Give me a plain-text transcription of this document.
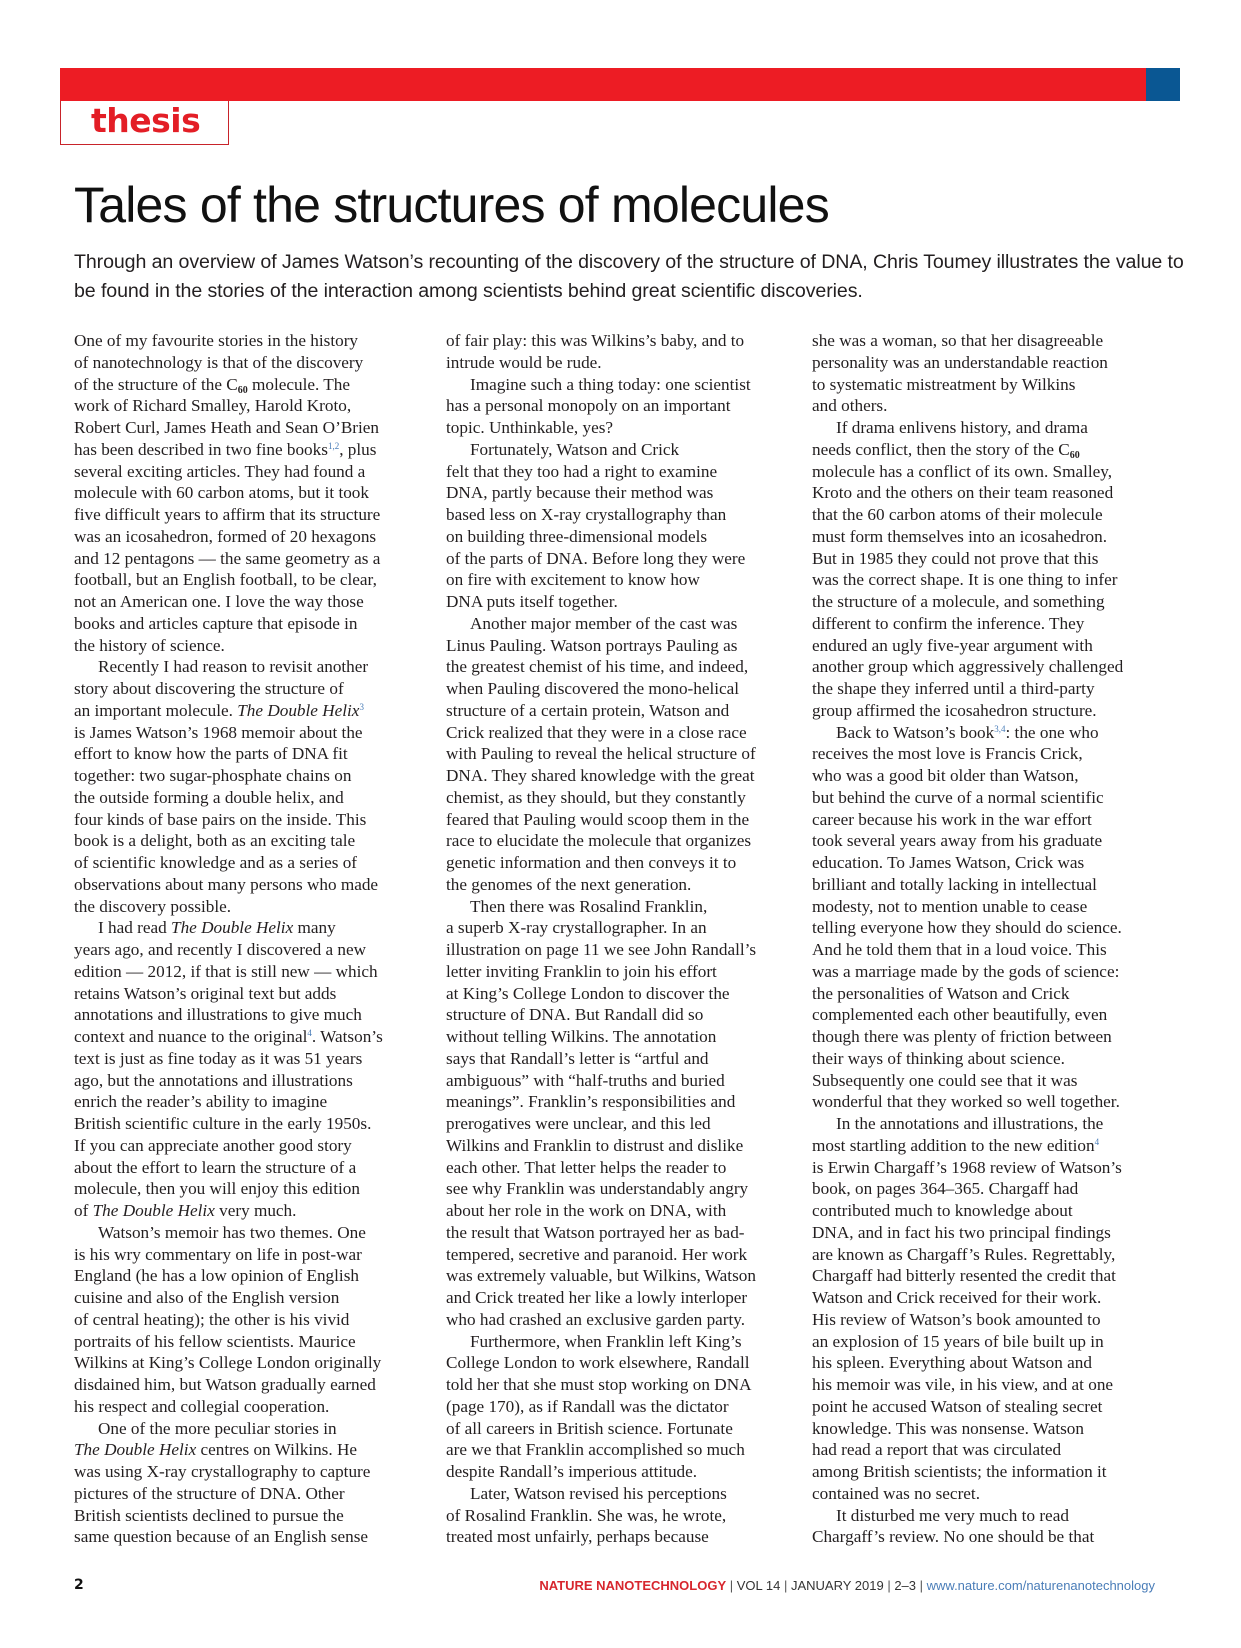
thesis
Tales of the structures of molecules

Through an overview of James Watson’s recounting of the discovery of the structure of DNA, Chris Toumey illustrates the value to be found in the stories of the interaction among scientists behind great scientific discoveries.

One of my favourite stories in the history
of nanotechnology is that of the discovery
of the structure of the $C_{60}$ molecule. The
work of Richard Smalley, Harold Kroto,
Robert Curl, James Heath and Sean O’Brien
has been described in two fine books$^{1,2}$, plus
several exciting articles. They had found a
molecule with 60 carbon atoms, but it took
five difficult years to affirm that its structure
was an icosahedron, formed of 20 hexagons
and 12 pentagons — the same geometry as a
football, but an English football, to be clear,
not an American one. I love the way those
books and articles capture that episode in
the history of science.
Recently I had reason to revisit another
story about discovering the structure of
an important molecule. The Double Helix$^3$
is James Watson’s 1968 memoir about the
effort to know how the parts of DNA fit
together: two sugar-phosphate chains on
the outside forming a double helix, and
four kinds of base pairs on the inside. This
book is a delight, both as an exciting tale
of scientific knowledge and as a series of
observations about many persons who made
the discovery possible.
I had read The Double Helix many
years ago, and recently I discovered a new
edition — 2012, if that is still new — which
retains Watson’s original text but adds
annotations and illustrations to give much
context and nuance to the original$^4$. Watson’s
text is just as fine today as it was 51 years
ago, but the annotations and illustrations
enrich the reader’s ability to imagine
British scientific culture in the early 1950s.
If you can appreciate another good story
about the effort to learn the structure of a
molecule, then you will enjoy this edition
of The Double Helix very much.
Watson’s memoir has two themes. One
is his wry commentary on life in post-war
England (he has a low opinion of English
cuisine and also of the English version
of central heating); the other is his vivid
portraits of his fellow scientists. Maurice
Wilkins at King’s College London originally
disdained him, but Watson gradually earned
his respect and collegial cooperation.
One of the more peculiar stories in
The Double Helix centres on Wilkins. He
was using X-ray crystallography to capture
pictures of the structure of DNA. Other
British scientists declined to pursue the
same question because of an English sense
of fair play: this was Wilkins’s baby, and to
intrude would be rude.
Imagine such a thing today: one scientist
has a personal monopoly on an important
topic. Unthinkable, yes?
Fortunately, Watson and Crick
felt that they too had a right to examine
DNA, partly because their method was
based less on X-ray crystallography than
on building three-dimensional models
of the parts of DNA. Before long they were
on fire with excitement to know how
DNA puts itself together.
Another major member of the cast was
Linus Pauling. Watson portrays Pauling as
the greatest chemist of his time, and indeed,
when Pauling discovered the mono-helical
structure of a certain protein, Watson and
Crick realized that they were in a close race
with Pauling to reveal the helical structure of
DNA. They shared knowledge with the great
chemist, as they should, but they constantly
feared that Pauling would scoop them in the
race to elucidate the molecule that organizes
genetic information and then conveys it to
the genomes of the next generation.
Then there was Rosalind Franklin,
a superb X-ray crystallographer. In an
illustration on page 11 we see John Randall’s
letter inviting Franklin to join his effort
at King’s College London to discover the
structure of DNA. But Randall did so
without telling Wilkins. The annotation
says that Randall’s letter is “artful and
ambiguous” with “half-truths and buried
meanings”. Franklin’s responsibilities and
prerogatives were unclear, and this led
Wilkins and Franklin to distrust and dislike
each other. That letter helps the reader to
see why Franklin was understandably angry
about her role in the work on DNA, with
the result that Watson portrayed her as bad-
tempered, secretive and paranoid. Her work
was extremely valuable, but Wilkins, Watson
and Crick treated her like a lowly interloper
who had crashed an exclusive garden party.
Furthermore, when Franklin left King’s
College London to work elsewhere, Randall
told her that she must stop working on DNA
(page 170), as if Randall was the dictator
of all careers in British science. Fortunate
are we that Franklin accomplished so much
despite Randall’s imperious attitude.
Later, Watson revised his perceptions
of Rosalind Franklin. She was, he wrote,
treated most unfairly, perhaps because
she was a woman, so that her disagreeable
personality was an understandable reaction
to systematic mistreatment by Wilkins
and others.
If drama enlivens history, and drama
needs conflict, then the story of the $C_{60}$
molecule has a conflict of its own. Smalley,
Kroto and the others on their team reasoned
that the 60 carbon atoms of their molecule
must form themselves into an icosahedron.
But in 1985 they could not prove that this
was the correct shape. It is one thing to infer
the structure of a molecule, and something
different to confirm the inference. They
endured an ugly five-year argument with
another group which aggressively challenged
the shape they inferred until a third-party
group affirmed the icosahedron structure.
Back to Watson’s book$^{3,4}$: the one who
receives the most love is Francis Crick,
who was a good bit older than Watson,
but behind the curve of a normal scientific
career because his work in the war effort
took several years away from his graduate
education. To James Watson, Crick was
brilliant and totally lacking in intellectual
modesty, not to mention unable to cease
telling everyone how they should do science.
And he told them that in a loud voice. This
was a marriage made by the gods of science:
the personalities of Watson and Crick
complemented each other beautifully, even
though there was plenty of friction between
their ways of thinking about science.
Subsequently one could see that it was
wonderful that they worked so well together.
In the annotations and illustrations, the
most startling addition to the new edition$^4$
is Erwin Chargaff’s 1968 review of Watson’s
book, on pages 364–365. Chargaff had
contributed much to knowledge about
DNA, and in fact his two principal findings
are known as Chargaff’s Rules. Regrettably,
Chargaff had bitterly resented the credit that
Watson and Crick received for their work.
His review of Watson’s book amounted to
an explosion of 15 years of bile built up in
his spleen. Everything about Watson and
his memoir was vile, in his view, and at one
point he accused Watson of stealing secret
knowledge. This was nonsense. Watson
had read a report that was circulated
among British scientists; the information it
contained was no secret.
It disturbed me very much to read
Chargaff’s review. No one should be that
2	NATURE NANOTECHNOLOGY | VOL 14 | JANUARY 2019 | 2–3 | www.nature.com/naturenanotechnology
